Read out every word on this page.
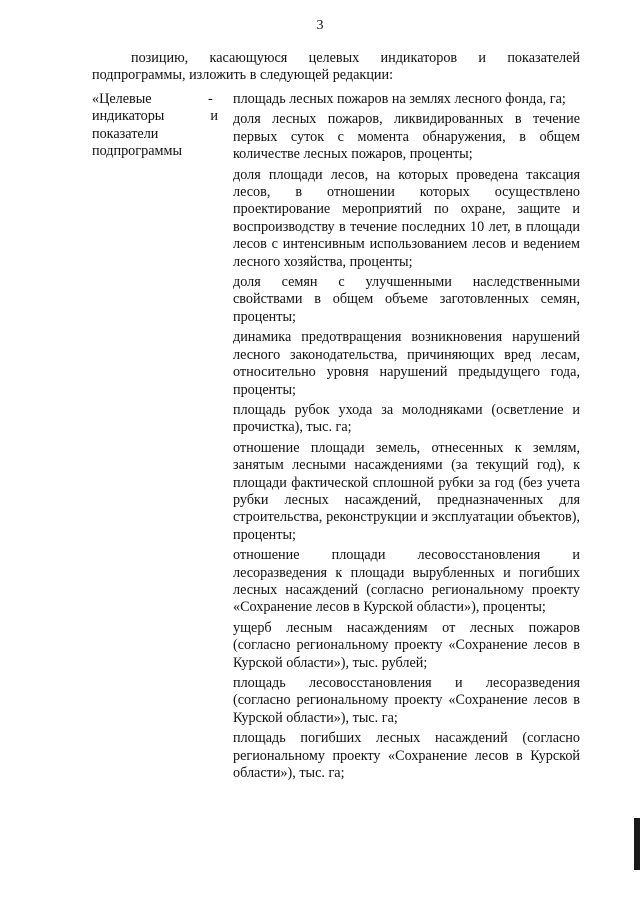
3
позицию, касающуюся целевых индикаторов и показателей
подпрограммы, изложить в следующей редакции:
«Целевые
индикаторы	и
показатели
подпрограммы
- площадь лесных пожаров на землях лесного фонда, га;

доля лесных пожаров, ликвидированных в течение первых суток с момента обнаружения, в общем количестве лесных пожаров, проценты;

доля площади лесов, на которых проведена таксация лесов, в отношении которых осуществлено проектирование мероприятий по охране, защите и воспроизводству в течение последних 10 лет, в площади лесов с интенсивным использованием лесов и ведением лесного хозяйства, проценты;

доля семян с улучшенными наследственными свойствами в общем объеме заготовленных семян, проценты;

динамика предотвращения возникновения нарушений лесного законодательства, причиняющих вред лесам, относительно уровня нарушений предыдущего года, проценты;

площадь рубок ухода за молодняками (осветление и прочистка), тыс. га;

отношение площади земель, отнесенных к землям, занятым лесными насаждениями (за текущий год), к площади фактической сплошной рубки за год (без учета рубки лесных насаждений, предназначенных для строительства, реконструкции и эксплуатации объектов), проценты;

отношение площади лесовосстановления и лесоразведения к площади вырубленных и погибших лесных насаждений (согласно региональному проекту «Сохранение лесов в Курской области»), проценты;

ущерб лесным насаждениям от лесных пожаров (согласно региональному проекту «Сохранение лесов в Курской области»), тыс. рублей;

площадь лесовосстановления и лесоразведения (согласно региональному проекту «Сохранение лесов в Курской области»), тыс. га;

площадь погибших лесных насаждений (согласно региональному проекту «Сохранение лесов в Курской области»), тыс. га;
